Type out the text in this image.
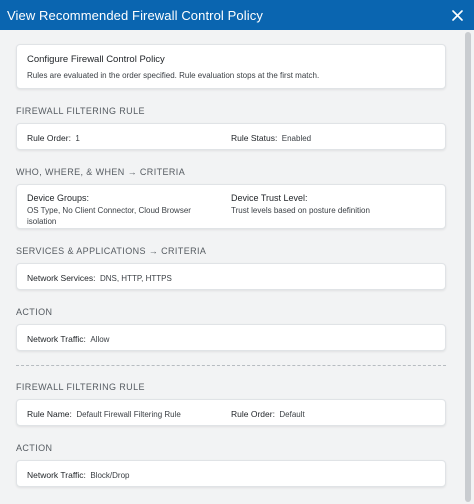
View Recommended Firewall Control Policy
Configure Firewall Control Policy
Rules are evaluated in the order specified. Rule evaluation stops at the first match.
FIREWALL FILTERING RULE
Rule Order: 1	Rule Status: Enabled
WHO, WHERE, & WHEN → CRITERIA
Device Groups:
OS Type, No Client Connector, Cloud Browser isolation
Device Trust Level:
Trust levels based on posture definition
SERVICES & APPLICATIONS → CRITERIA
Network Services: DNS, HTTP, HTTPS
ACTION
Network Traffic: Allow
FIREWALL FILTERING RULE
Rule Name: Default Firewall Filtering Rule	Rule Order: Default
ACTION
Network Traffic: Block/Drop
